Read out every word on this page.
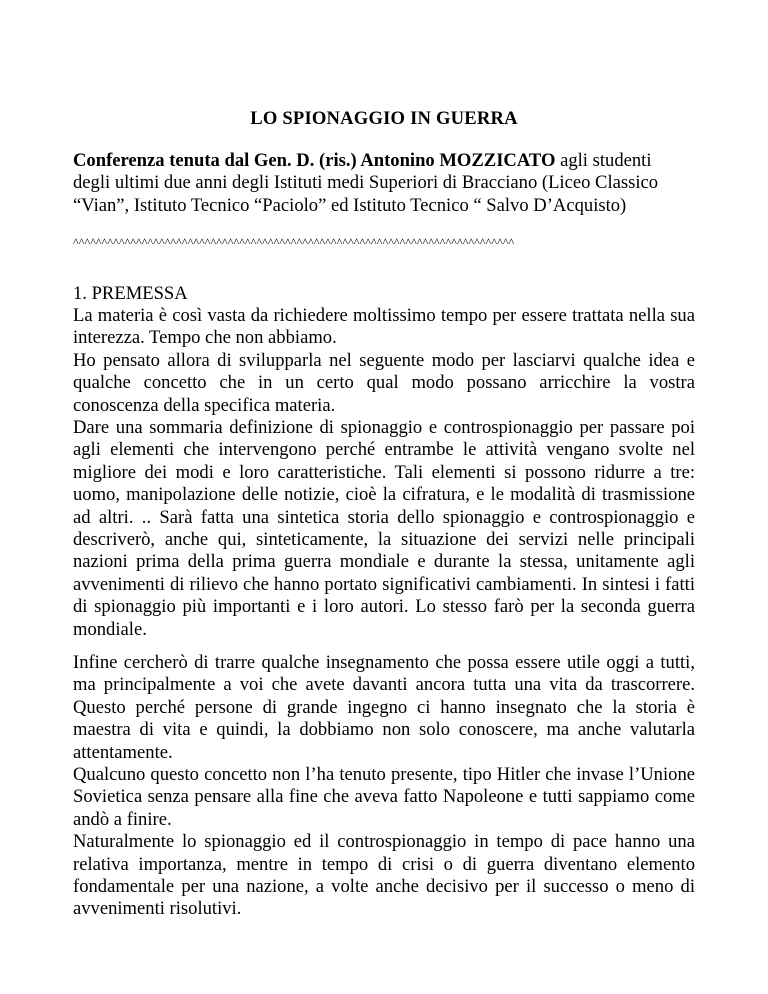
LO SPIONAGGIO IN GUERRA
Conferenza tenuta dal Gen. D. (ris.) Antonino MOZZICATO agli studenti degli ultimi due anni degli Istituti medi Superiori di Bracciano (Liceo Classico “Vian”, Istituto Tecnico “Paciolo” ed Istituto Tecnico “ Salvo D’Acquisto)
^^^^^^^^^^^^^^^^^^^^^^^^^^^^^^^^^^^^^^^^^^^^^^^^^^^^^^^^^^^^^^^^^^^^^^^^^^^^^
1. PREMESSA

La materia è così vasta da richiedere moltissimo tempo per essere trattata nella sua interezza. Tempo che non abbiamo.

Ho pensato allora di svilupparla nel seguente modo per lasciarvi qualche idea e qualche concetto che in un certo qual modo possano arricchire la vostra conoscenza della specifica materia.

Dare una sommaria definizione di spionaggio e controspionaggio per passare poi agli elementi che intervengono perché entrambe le attività vengano svolte nel migliore dei modi e loro caratteristiche. Tali elementi si possono ridurre a tre: uomo, manipolazione delle notizie, cioè la cifratura, e le modalità di trasmissione ad altri. .. Sarà fatta una sintetica storia dello spionaggio e controspionaggio e descriverò, anche qui, sinteticamente, la situazione dei servizi nelle principali nazioni prima della prima guerra mondiale e durante la stessa, unitamente agli avvenimenti di rilievo che hanno portato significativi cambiamenti. In sintesi i fatti di spionaggio più importanti e i loro autori. Lo stesso farò per la seconda guerra mondiale.

Infine cercherò di trarre qualche insegnamento che possa essere utile oggi a tutti, ma principalmente a voi che avete davanti ancora tutta una vita da trascorrere. Questo perché persone di grande ingegno ci hanno insegnato che la storia è maestra di vita e quindi, la dobbiamo non solo conoscere, ma anche valutarla attentamente.

Qualcuno questo concetto non l’ha tenuto presente, tipo Hitler che invase l’Unione Sovietica senza pensare alla fine che aveva fatto Napoleone e tutti sappiamo come andò a finire.

Naturalmente lo spionaggio ed il controspionaggio in tempo di pace hanno una relativa importanza, mentre in tempo di crisi o di guerra diventano elemento fondamentale per una nazione, a volte anche decisivo per il successo o meno di avvenimenti risolutivi.
